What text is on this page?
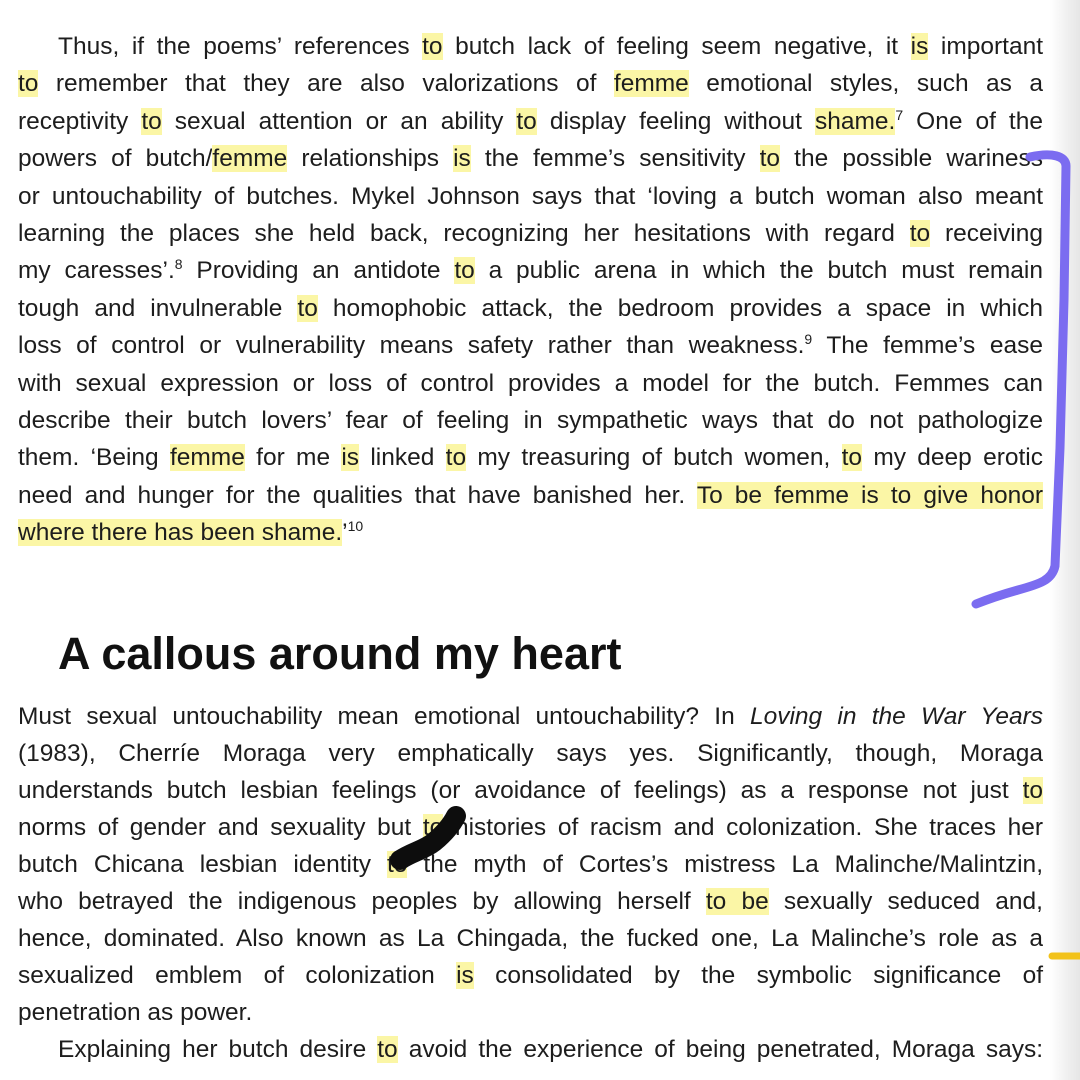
Thus, if the poems’ references to butch lack of feeling seem negative, it is important
to remember that they are also valorizations of femme emotional styles, such as a
receptivity to sexual attention or an ability to display feeling without shame.$^7$ One of the
powers of butch/femme relationships is the femme’s sensitivity to the possible wariness
or untouchability of butches. Mykel Johnson says that ‘loving a butch woman also meant
learning the places she held back, recognizing her hesitations with regard to receiving
my caresses’.$^8$ Providing an antidote to a public arena in which the butch must remain
tough and invulnerable to homophobic attack, the bedroom provides a space in which
loss of control or vulnerability means safety rather than weakness.$^9$ The femme’s ease
with sexual expression or loss of control provides a model for the butch. Femmes can
describe their butch lovers’ fear of feeling in sympathetic ways that do not pathologize
them. ‘Being femme for me is linked to my treasuring of butch women, to my deep erotic
need and hunger for the qualities that have banished her. To be femme is to give honor
where there has been shame.’$^{10}$
A callous around my heart
Must sexual untouchability mean emotional untouchability? In Loving in the War Years
(1983), Cherríe Moraga very emphatically says yes. Significantly, though, Moraga
understands butch lesbian feelings (or avoidance of feelings) as a response not just to
norms of gender and sexuality but to histories of racism and colonization. She traces her
butch Chicana lesbian identity to the myth of Cortes’s mistress La Malinche/Malintzin,
who betrayed the indigenous peoples by allowing herself to be sexually seduced and,
hence, dominated. Also known as La Chingada, the fucked one, La Malinche’s role as a
sexualized emblem of colonization is consolidated by the symbolic significance of
penetration as power.
Explaining her butch desire to avoid the experience of being penetrated, Moraga says:
